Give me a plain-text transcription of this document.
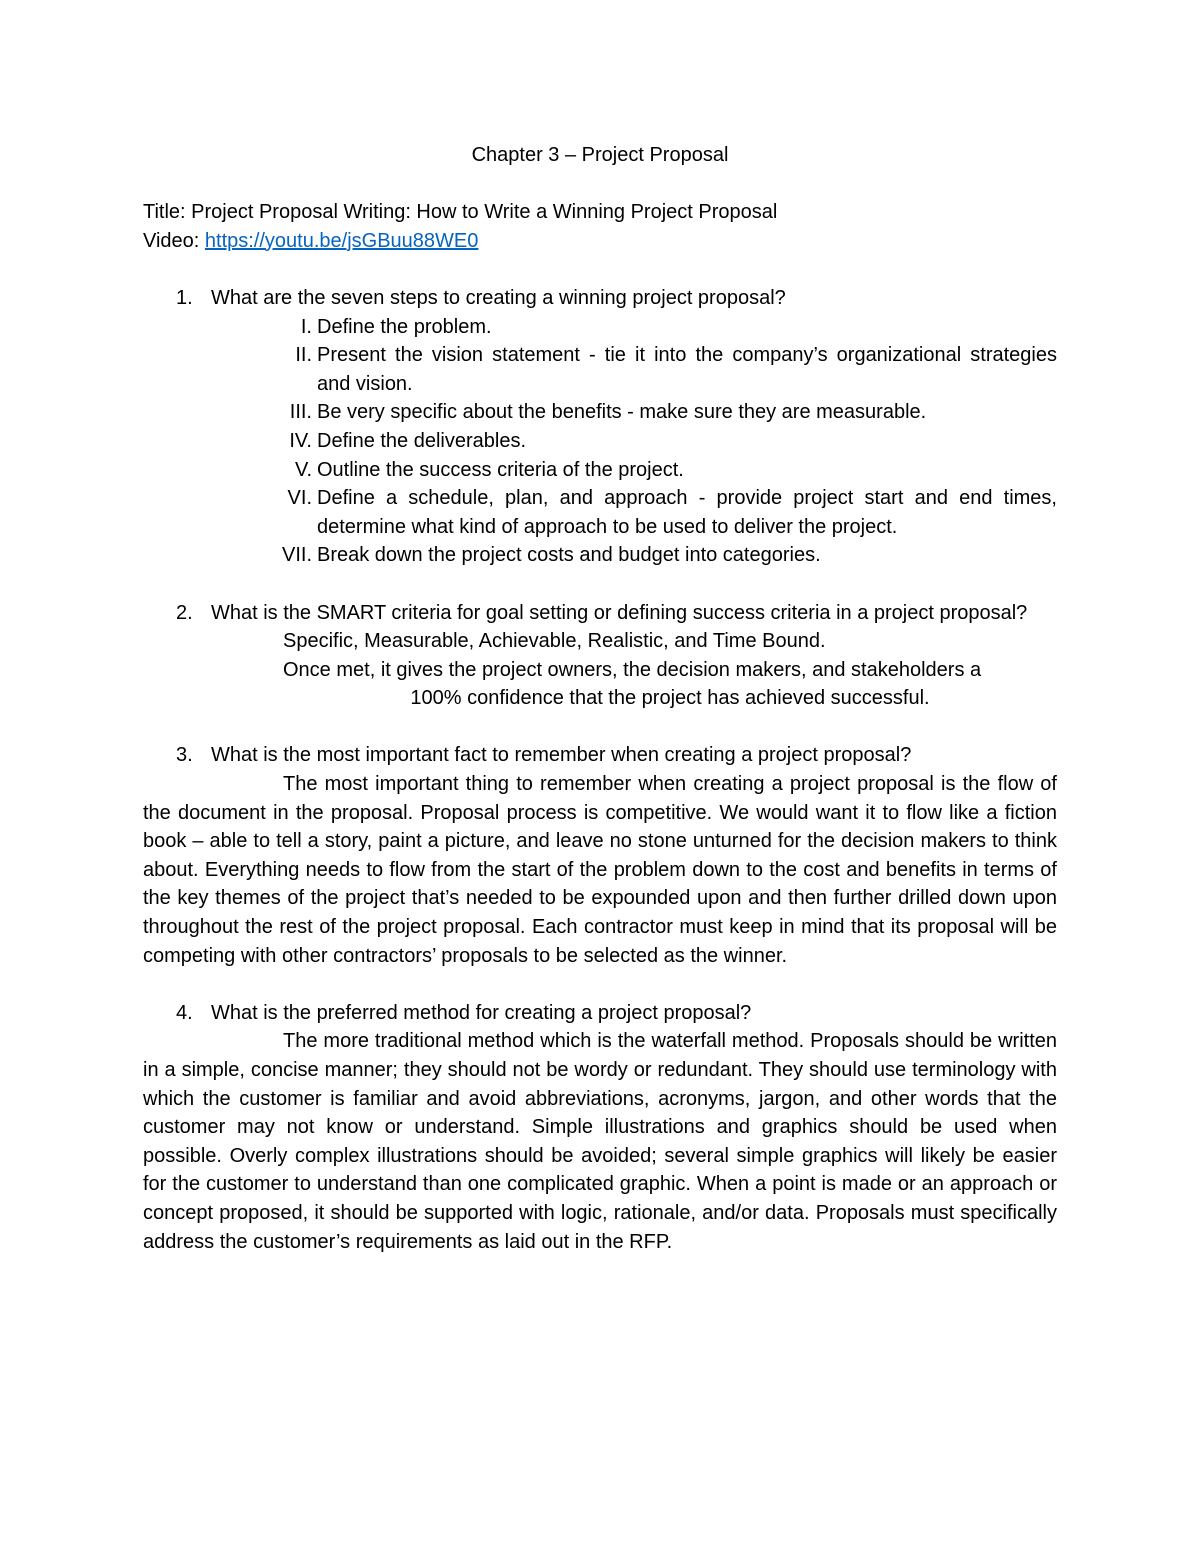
Chapter 3 – Project Proposal

Title: Project Proposal Writing: How to Write a Winning Project Proposal

Video: https://youtu.be/jsGBuu88WE0

1. What are the seven steps to creating a winning project proposal?

I. Define the problem.
II. Present the vision statement - tie it into the company’s organizational strategies and vision.
III. Be very specific about the benefits - make sure they are measurable.
IV. Define the deliverables.
V. Outline the success criteria of the project.
VI. Define a schedule, plan, and approach - provide project start and end times, determine what kind of approach to be used to deliver the project.
VII. Break down the project costs and budget into categories.

2. What is the SMART criteria for goal setting or defining success criteria in a project proposal?

Specific, Measurable, Achievable, Realistic, and Time Bound.

Once met, it gives the project owners, the decision makers, and stakeholders a

100% confidence that the project has achieved successful.

3. What is the most important fact to remember when creating a project proposal?

The most important thing to remember when creating a project proposal is the flow of the document in the proposal. Proposal process is competitive. We would want it to flow like a fiction book – able to tell a story, paint a picture, and leave no stone unturned for the decision makers to think about. Everything needs to flow from the start of the problem down to the cost and benefits in terms of the key themes of the project that’s needed to be expounded upon and then further drilled down upon throughout the rest of the project proposal. Each contractor must keep in mind that its proposal will be competing with other contractors’ proposals to be selected as the winner.

4. What is the preferred method for creating a project proposal?

The more traditional method which is the waterfall method. Proposals should be written in a simple, concise manner; they should not be wordy or redundant. They should use terminology with which the customer is familiar and avoid abbreviations, acronyms, jargon, and other words that the customer may not know or understand. Simple illustrations and graphics should be used when possible. Overly complex illustrations should be avoided; several simple graphics will likely be easier for the customer to understand than one complicated graphic. When a point is made or an approach or concept proposed, it should be supported with logic, rationale, and/or data. Proposals must specifically address the customer’s requirements as laid out in the RFP.
